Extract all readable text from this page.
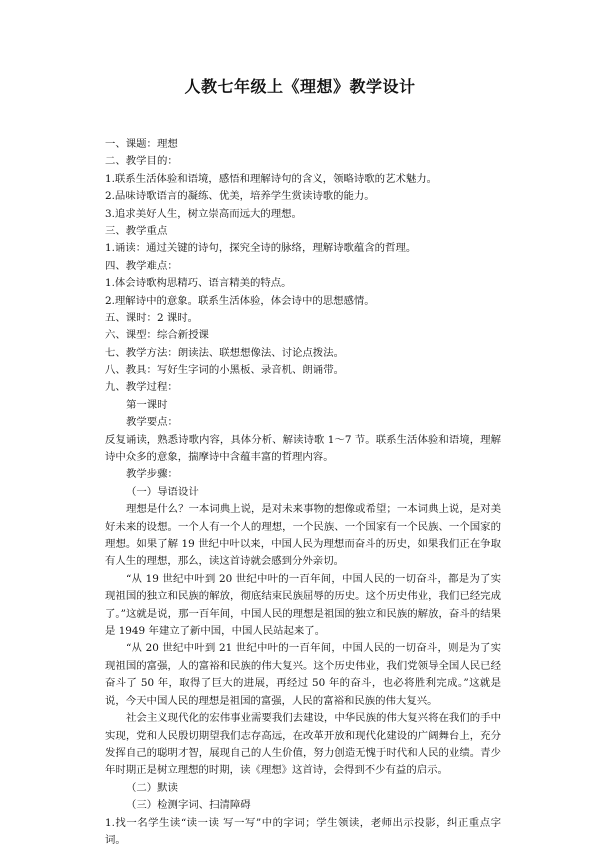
人教七年级上《理想》教学设计
一、课题：理想
二、教学目的：
1.联系生活体验和语境，感悟和理解诗句的含义，领略诗歌的艺术魅力。
2.品味诗歌语言的凝练、优美，培养学生赏读诗歌的能力。
3.追求美好人生，树立崇高而远大的理想。
三、教学重点
1.诵读：通过关键的诗句，探究全诗的脉络，理解诗歌蕴含的哲理。
四、教学难点：
1.体会诗歌构思精巧、语言精美的特点。
2.理解诗中的意象。联系生活体验，体会诗中的思想感情。
五、课时：2 课时。
六、课型：综合新授课
七、教学方法：朗读法、联想想像法、讨论点拨法。
八、教具：写好生字词的小黑板、录音机、朗诵带。
九、教学过程：
第一课时
教学要点：
反复诵读，熟悉诗歌内容，具体分析、解读诗歌 1～7 节。联系生活体验和语境，理解诗中众多的意象，揣摩诗中含蕴丰富的哲理内容。
教学步骤：
（一）导语设计
理想是什么？一本词典上说，是对未来事物的想像或希望；一本词典上说，是对美好未来的设想。一个人有一个人的理想，一个民族、一个国家有一个民族、一个国家的理想。如果了解 19 世纪中叶以来，中国人民为理想而奋斗的历史，如果我们正在争取有人生的理想，那么，读这首诗就会感到分外亲切。
“从 19 世纪中叶到 20 世纪中叶的一百年间，中国人民的一切奋斗，都是为了实现祖国的独立和民族的解放，彻底结束民族屈辱的历史。这个历史伟业，我们已经完成了。”这就是说，那一百年间，中国人民的理想是祖国的独立和民族的解放，奋斗的结果是 1949 年建立了新中国，中国人民站起来了。
“从 20 世纪中叶到 21 世纪中叶的一百年间，中国人民的一切奋斗，则是为了实现祖国的富强，人的富裕和民族的伟大复兴。这个历史伟业，我们党领导全国人民已经奋斗了 50 年，取得了巨大的进展，再经过 50 年的奋斗，也必将胜利完成。”这就是说，今天中国人民的理想是祖国的富强，人民的富裕和民族的伟大复兴。
社会主义现代化的宏伟事业需要我们去建设，中华民族的伟大复兴将在我们的手中实现，党和人民殷切期望我们志存高远，在改革开放和现代化建设的广阔舞台上，充分发挥自己的聪明才智，展现自己的人生价值，努力创造无愧于时代和人民的业绩。青少年时期正是树立理想的时期，读《理想》这首诗，会得到不少有益的启示。
（二）默读
（三）检测字词、扫清障碍
1.找一名学生读“读一读 写一写”中的字词；学生领读，老师出示投影，纠正重点字词。
